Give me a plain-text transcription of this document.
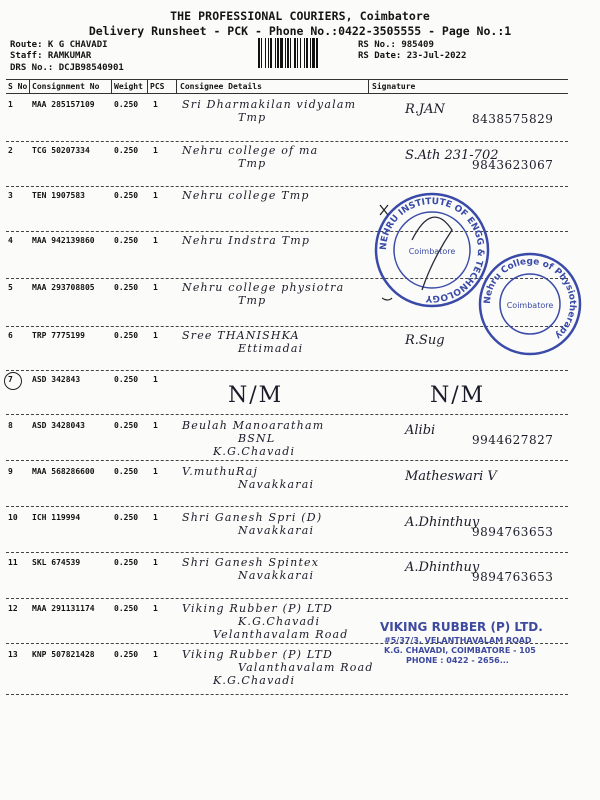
THE PROFESSIONAL COURIERS, Coimbatore
Delivery Runsheet - PCK - Phone No.:0422-3505555 - Page No.:1
Route: K G CHAVADI
Staff: RAMKUMAR
DRS No.: DCJB98540901
RS No.: 985409
RS Date: 23-Jul-2022
S No Consignment No Weight PCS Consignee Details	Signature
1 MAA 285157109 0.250 1 Sri Dharmakilan vidyalam
Tmp
R.JAN
8438575829
2 TCG 50207334	0.250 1 Nehru college of ma
Tmp
S.Ath 231-702
9843623067
3 TEN 1907583	0.250 1 Nehru college Tmp
4 MAA 942139860 0.250 1 Nehru Indstra Tmp
5 MAA 293708805 0.250 1 Nehru college physiotra
Tmp
6 TRP 7775199	0.250 1 Sree THANISHKA
Ettimadai
R.Sug
7 ASD 342843	0.250 1
N/M	N/M
8 ASD 3428043	0.250 1 Beulah Manoaratham
BSNL
K.G.Chavadi
Alibi
9944627827
9 MAA 568286600 0.250 1 V.muthuRaj
Navakkarai
Matheswari V
10 ICH 119994	0.250 1 Shri Ganesh Spri (D)
Navakkarai
A.Dhinthuy
9894763653
11 SKL 674539	0.250 1 Shri Ganesh Spintex
Navakkarai
A.Dhinthuy
9894763653
12 MAA 291131174 0.250 1 Viking Rubber (P) LTD
K.G.Chavadi
Velanthavalam Road
13 KNP 507821428 0.250 1 Viking Rubber (P) LTD
Valanthavalam Road
K.G.Chavadi
NEHRU INSTITUTE OF ENGG & TECHNOLOGY
Coimbatore
Nehru College of Physiotherapy
Coimbatore
VIKING RUBBER (P) LTD.
#5/37/3, VELANTHAVALAM ROAD
K.G. CHAVADI, COIMBATORE - 105
PHONE : 0422 - 2656...
